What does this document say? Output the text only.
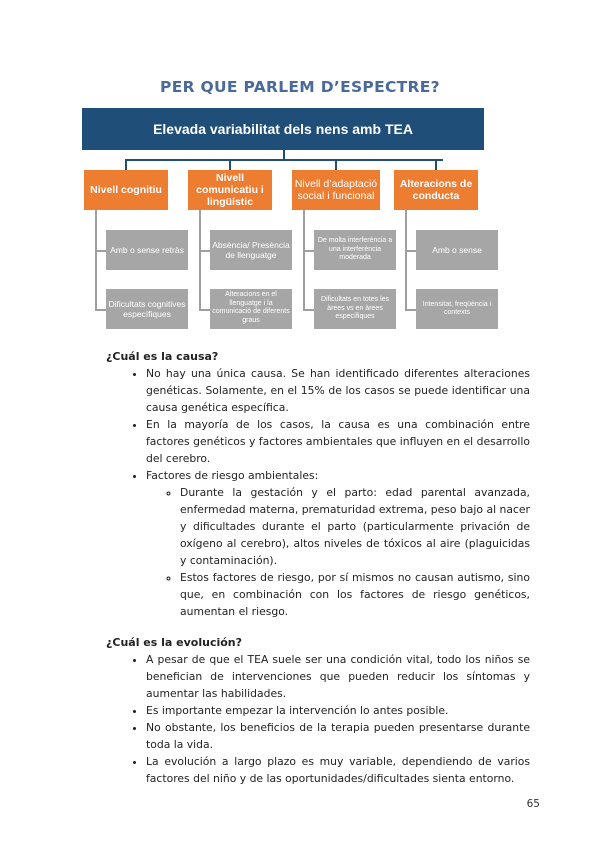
PER QUE PARLEM D’ESPECTRE?
Elevada variabilitat dels nens amb TEA
Nivell cognitiu
Nivell comunicatiu i lingüístic
Nivell d’adaptació social i funcional
Alteracions de conducta
Amb o sense retràs
Absència/ Presència de llenguatge
De molta interferència a una interferència moderada
Amb o sense
Dificultats cognitives específiques
Alteracions en el llenguatge i la comunicació de diferents graus
Dificultats en totes les àrees vs en àrees específiques
Intensitat, freqüència i contexts

¿Cuál es la causa?

• No hay una única causa. Se han identificado diferentes alteraciones genéticas. Solamente, en el 15% de los casos se puede identificar una causa genética específica.
• En la mayoría de los casos, la causa es una combinación entre factores genéticos y factores ambientales que influyen en el desarrollo del cerebro.
• Factores de riesgo ambientales:
◦ Durante la gestación y el parto: edad parental avanzada, enfermedad materna, prematuridad extrema, peso bajo al nacer y dificultades durante el parto (particularmente privación de oxígeno al cerebro), altos niveles de tóxicos al aire (plaguicidas y contaminación).
◦ Estos factores de riesgo, por sí mismos no causan autismo, sino que, en combinación con los factores de riesgo genéticos, aumentan el riesgo.

¿Cuál es la evolución?

• A pesar de que el TEA suele ser una condición vital, todo los niños se benefician de intervenciones que pueden reducir los síntomas y aumentar las habilidades.
• Es importante empezar la intervención lo antes posible.
• No obstante, los beneficios de la terapia pueden presentarse durante toda la vida.
• La evolución a largo plazo es muy variable, dependiendo de varios factores del niño y de las oportunidades/dificultades sienta entorno.
65
